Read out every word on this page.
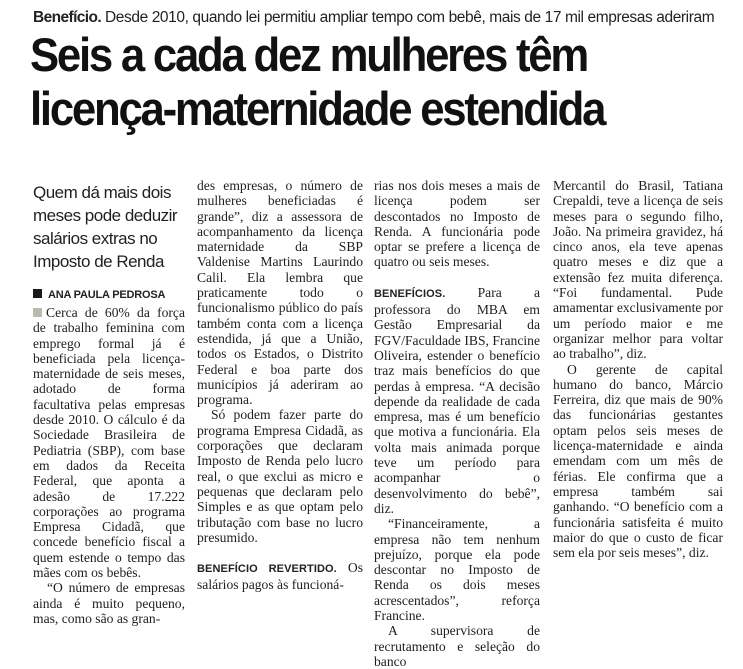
Benefício. Desde 2010, quando lei permitiu ampliar tempo com bebê, mais de 17 mil empresas aderiram
Seis a cada dez mulheres têm
licença-maternidade estendida
Quem dá mais dois meses pode deduzir salários extras no Imposto de Renda
ANA PAULA PEDROSA

Cerca de 60% da força de trabalho feminina com emprego formal já é beneficiada pela licença-maternidade de seis meses, adotado de forma facultativa pelas empresas desde 2010. O cálculo é da Sociedade Brasileira de Pediatria (SBP), com base em dados da Receita Federal, que aponta a adesão de 17.222 corporações ao programa Empresa Cidadã, que concede benefício fiscal a quem estende o tempo das mães com os bebês.

“O número de empresas ainda é muito pequeno, mas, como são as gran-

des empresas, o número de mulheres beneficiadas é grande”, diz a assessora de acompanhamento da licença maternidade da SBP Valdenise Martins Laurindo Calil. Ela lembra que praticamente todo o funcionalismo público do país também conta com a licença estendida, já que a União, todos os Estados, o Distrito Federal e boa parte dos municípios já aderiram ao programa.

Só podem fazer parte do programa Empresa Cidadã, as corporações que declaram Imposto de Renda pelo lucro real, o que exclui as micro e pequenas que declaram pelo Simples e as que optam pelo tributação com base no lucro presumido.

BENEFÍCIO REVERTIDO. Os salários pagos às funcioná-

rias nos dois meses a mais de licença podem ser descontados no Imposto de Renda. A funcionária pode optar se prefere a licença de quatro ou seis meses.

BENEFÍCIOS. Para a professora do MBA em Gestão Empresarial da FGV/Faculdade IBS, Francine Oliveira, estender o benefício traz mais benefícios do que perdas à empresa. “A decisão depende da realidade de cada empresa, mas é um benefício que motiva a funcionária. Ela volta mais animada porque teve um período para acompanhar o desenvolvimento do bebê”, diz.

“Financeiramente, a empresa não tem nenhum prejuízo, porque ela pode descontar no Imposto de Renda os dois meses acrescentados”, reforça Francine.

A supervisora de recrutamento e seleção do banco

Mercantil do Brasil, Tatiana Crepaldi, teve a licença de seis meses para o segundo filho, João. Na primeira gravidez, há cinco anos, ela teve apenas quatro meses e diz que a extensão fez muita diferença. “Foi fundamental. Pude amamentar exclusivamente por um período maior e me organizar melhor para voltar ao trabalho”, diz.

O gerente de capital humano do banco, Márcio Ferreira, diz que mais de 90% das funcionárias gestantes optam pelos seis meses de licença-maternidade e ainda emendam com um mês de férias. Ele confirma que a empresa também sai ganhando. “O benefício com a funcionária satisfeita é muito maior do que o custo de ficar sem ela por seis meses”, diz.
